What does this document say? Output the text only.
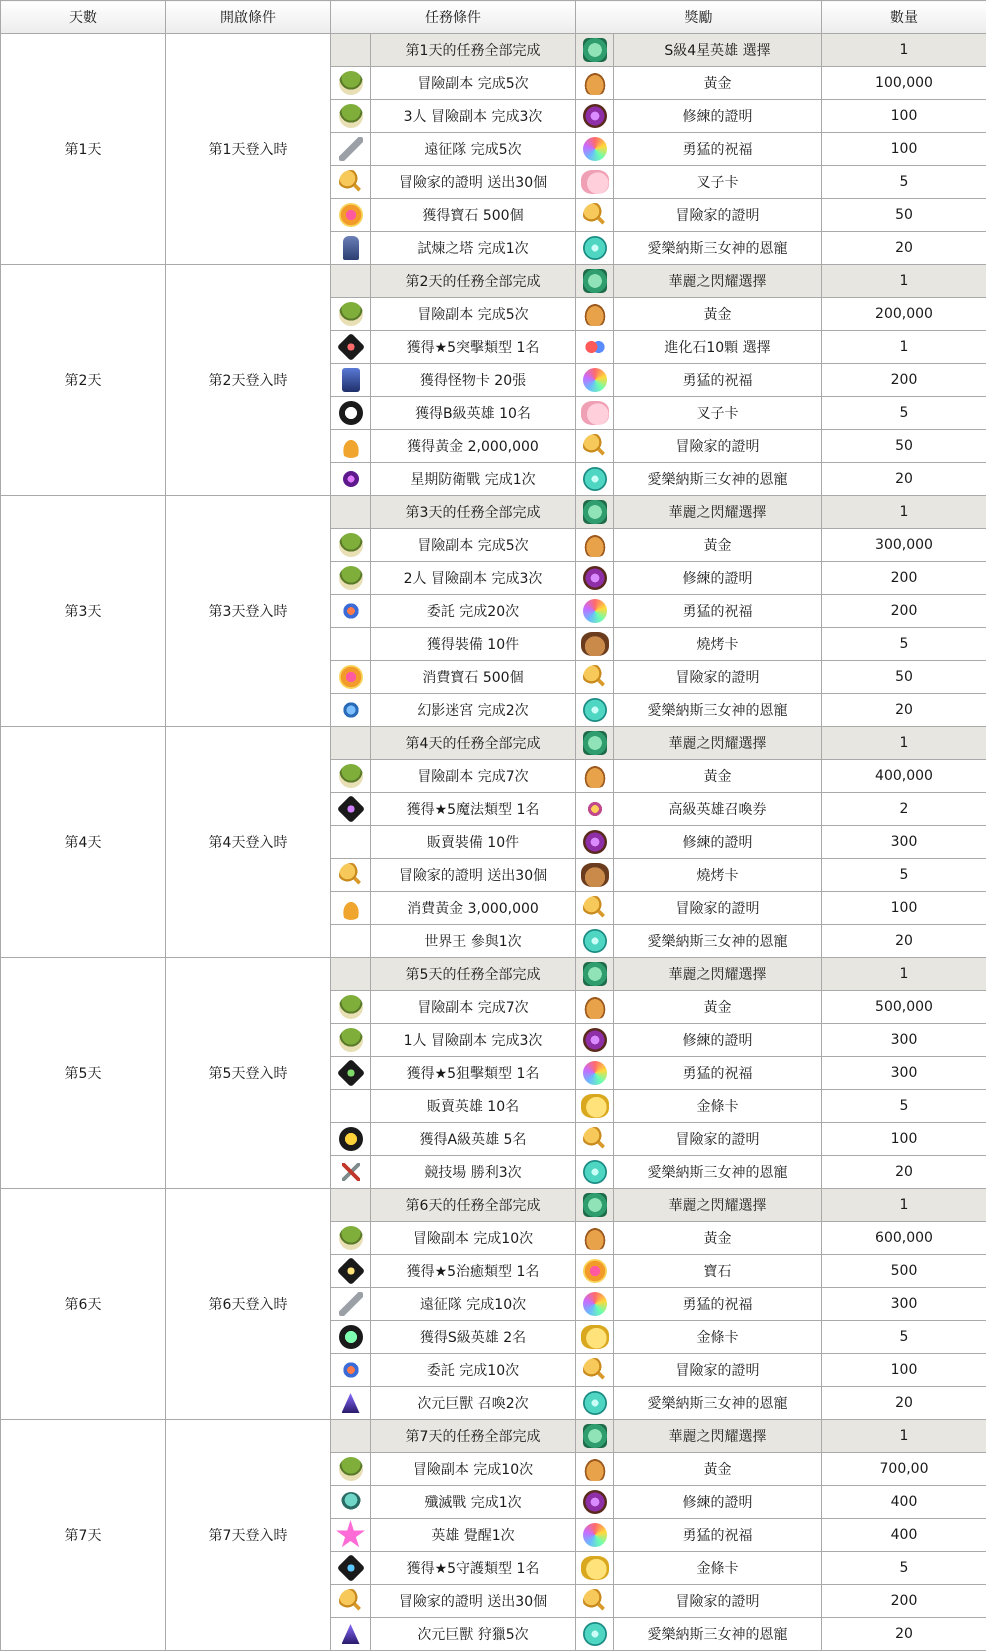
天數	開啟條件	任務條件		獎勵		數量
第1天	第1天登入時		第1天的任務全部完成		S級4星英雄 選擇	1
			冒險副本 完成5次		黃金	100,000
			3人 冒險副本 完成3次		修練的證明	100
			遠征隊 完成5次		勇猛的祝福	100
			冒險家的證明 送出30個		叉子卡	5
			獲得寶石 500個		冒險家的證明	50
			試煉之塔 完成1次		愛樂納斯三女神的恩寵	20
第2天	第2天登入時		第2天的任務全部完成		華麗之閃耀選擇	1
			冒險副本 完成5次		黃金	200,000
			獲得★5突擊類型 1名		進化石10顆 選擇	1
			獲得怪物卡 20張		勇猛的祝福	200
			獲得B級英雄 10名		叉子卡	5
			獲得黃金 2,000,000		冒險家的證明	50
			星期防衛戰 完成1次		愛樂納斯三女神的恩寵	20
第3天	第3天登入時		第3天的任務全部完成		華麗之閃耀選擇	1
			冒險副本 完成5次		黃金	300,000
			2人 冒險副本 完成3次		修練的證明	200
			委託 完成20次		勇猛的祝福	200
			獲得裝備 10件		燒烤卡	5
			消費寶石 500個		冒險家的證明	50
			幻影迷宮 完成2次		愛樂納斯三女神的恩寵	20
第4天	第4天登入時		第4天的任務全部完成		華麗之閃耀選擇	1
			冒險副本 完成7次		黃金	400,000
			獲得★5魔法類型 1名		高級英雄召喚券	2
			販賣裝備 10件		修練的證明	300
			冒險家的證明 送出30個		燒烤卡	5
			消費黃金 3,000,000		冒險家的證明	100
			世界王 參與1次		愛樂納斯三女神的恩寵	20
第5天	第5天登入時		第5天的任務全部完成		華麗之閃耀選擇	1
			冒險副本 完成7次		黃金	500,000
			1人 冒險副本 完成3次		修練的證明	300
			獲得★5狙擊類型 1名		勇猛的祝福	300
			販賣英雄 10名		金條卡	5
			獲得A級英雄 5名		冒險家的證明	100
			競技場 勝利3次		愛樂納斯三女神的恩寵	20
第6天	第6天登入時		第6天的任務全部完成		華麗之閃耀選擇	1
			冒險副本 完成10次		黃金	600,000
			獲得★5治癒類型 1名		寶石	500
			遠征隊 完成10次		勇猛的祝福	300
			獲得S級英雄 2名		金條卡	5
			委託 完成10次		冒險家的證明	100
			次元巨獸 召喚2次		愛樂納斯三女神的恩寵	20
第7天	第7天登入時		第7天的任務全部完成		華麗之閃耀選擇	1
			冒險副本 完成10次		黃金	700,00
			殲滅戰 完成1次		修練的證明	400
			英雄 覺醒1次		勇猛的祝福	400
			獲得★5守護類型 1名		金條卡	5
			冒險家的證明 送出30個		冒險家的證明	200
			次元巨獸 狩獵5次		愛樂納斯三女神的恩寵	20
